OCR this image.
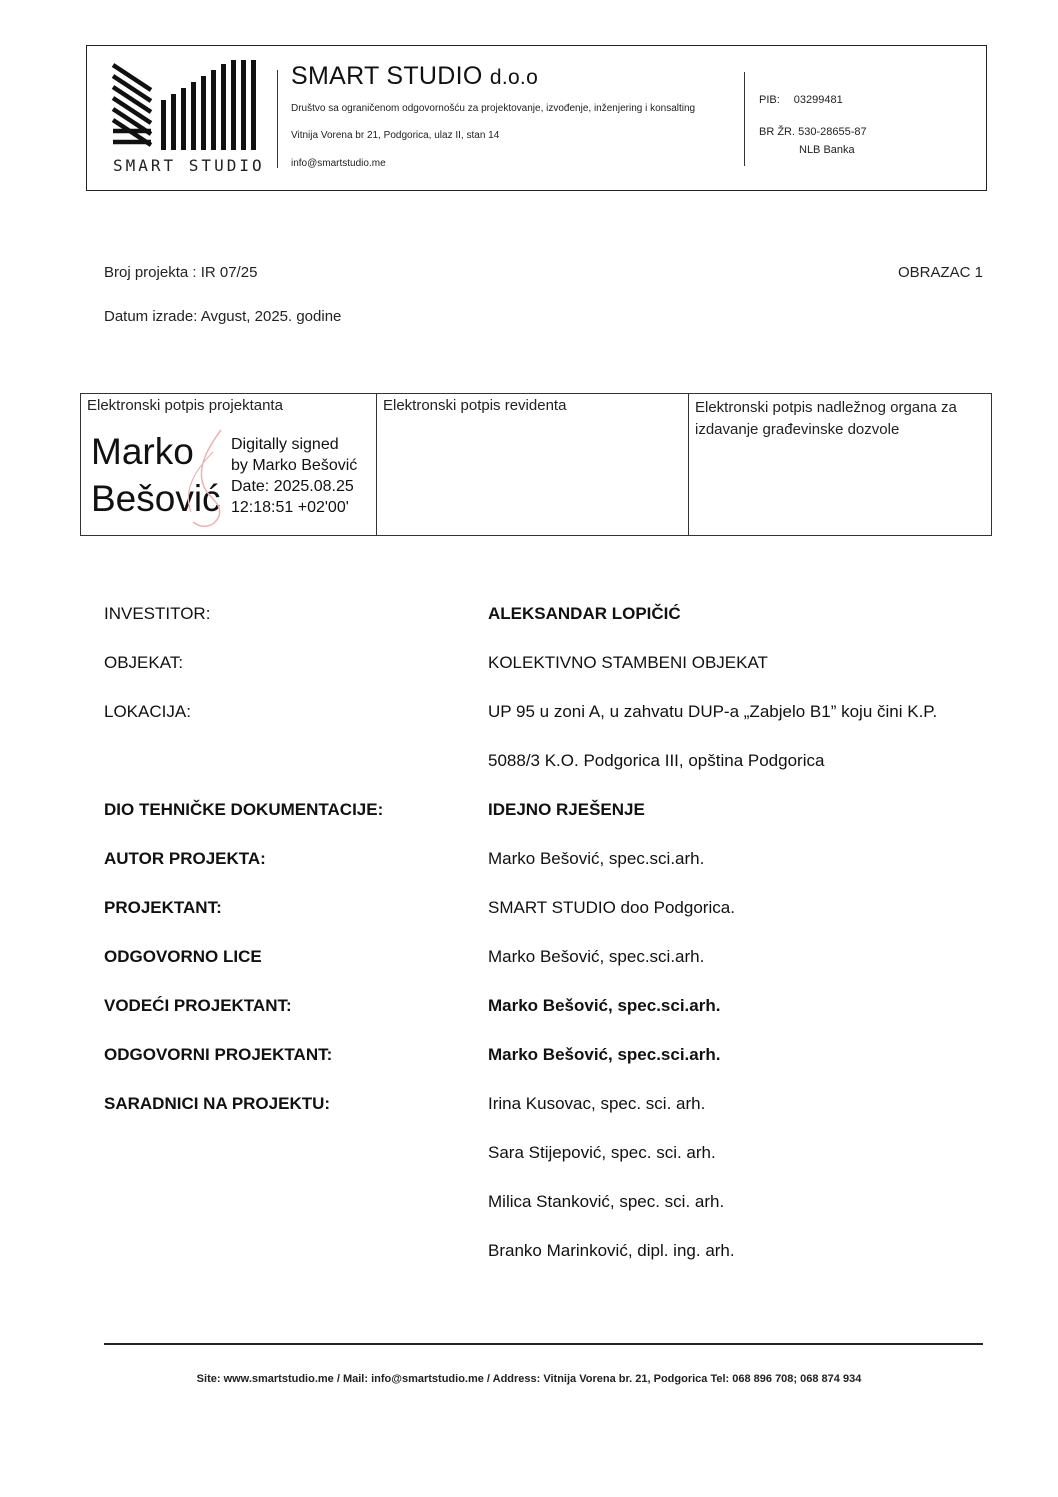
SMART STUDIO
SMART STUDIO d.o.o
Društvo sa ograničenom odgovornošću za projektovanje, izvođenje, inženjering i konsalting
Vitnija Vorena br 21, Podgorica, ulaz II, stan 14
info@smartstudio.me
PIB: 03299481
BR ŽR. 530-28655-87
NLB Banka
Broj projekta : IR 07/25	OBRAZAC 1
Datum izrade: Avgust, 2025. godine
Elektronski potpis projektanta
Marko
Bešović
Digitally signed
by Marko Bešović
Date: 2025.08.25
12:18:51 +02'00'
Elektronski potpis revidenta	Elektronski potpis nadležnog organa za izdavanje građevinske dozvole
INVESTITOR:	ALEKSANDAR LOPIČIĆ
OBJEKAT:	KOLEKTIVNO STAMBENI OBJEKAT
LOKACIJA:	UP 95 u zoni A, u zahvatu DUP-a „Zabjelo B1” koju čini K.P.
5088/3 K.O. Podgorica III, opština Podgorica
DIO TEHNIČKE DOKUMENTACIJE:	IDEJNO RJEŠENJE
AUTOR PROJEKTA:	Marko Bešović, spec.sci.arh.
PROJEKTANT:	SMART STUDIO doo Podgorica.
ODGOVORNO LICE	Marko Bešović, spec.sci.arh.
VODEĆI PROJEKTANT:	Marko Bešović, spec.sci.arh.
ODGOVORNI PROJEKTANT:	Marko Bešović, spec.sci.arh.
SARADNICI NA PROJEKTU:	Irina Kusovac, spec. sci. arh.
Sara Stijepović, spec. sci. arh.
Milica Stanković, spec. sci. arh.
Branko Marinković, dipl. ing. arh.
Site: www.smartstudio.me / Mail: info@smartstudio.me / Address: Vitnija Vorena br. 21, Podgorica Tel: 068 896 708; 068 874 934
